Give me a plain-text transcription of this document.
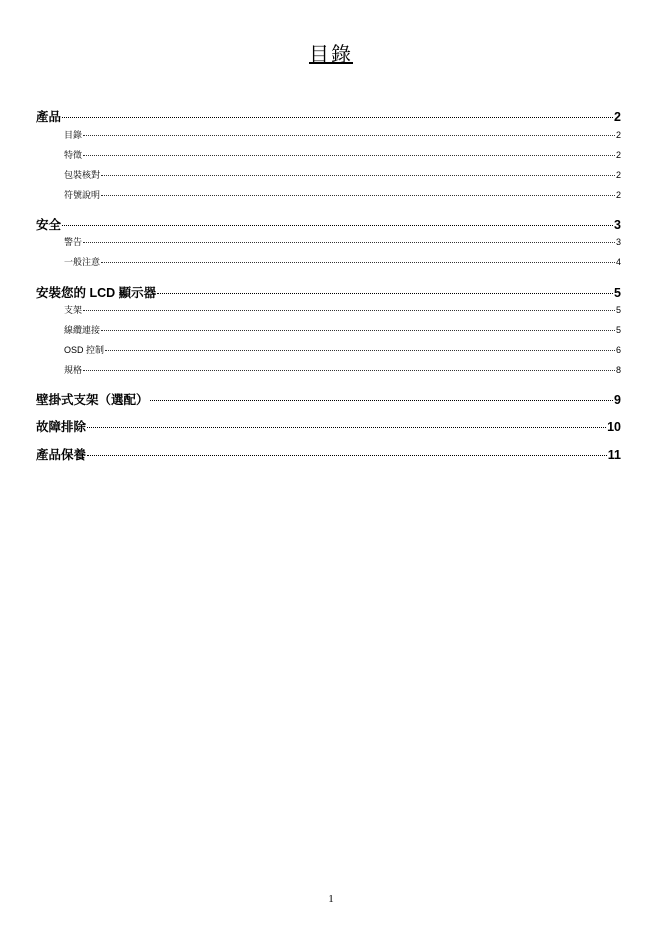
目錄
產品	2
目錄	2
特徵	2
包裝核對	2
符號說明	2
安全	3
警告	3
一般注意	4
安裝您的 LCD 顯示器	5
支架	5
線纜連接	5
OSD 控制	6
規格	8
壁掛式支架（選配）	9
故障排除	10
產品保養	11
1
